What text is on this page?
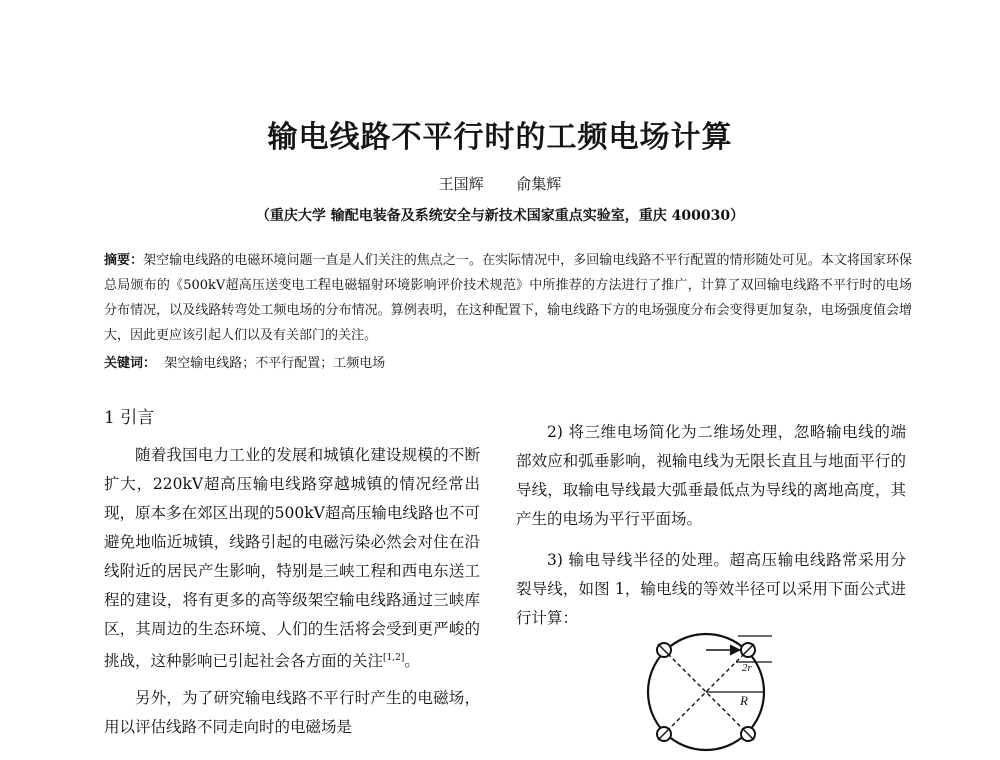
输电线路不平行时的工频电场计算
王国辉 俞集辉
（重庆大学 输配电装备及系统安全与新技术国家重点实验室，重庆 400030）
摘要：架空输电线路的电磁环境问题一直是人们关注的焦点之一。在实际情况中，多回输电线路不平行配置的情形随处可见。本文将国家环保总局颁布的《500kV超高压送变电工程电磁辐射环境影响评价技术规范》中所推荐的方法进行了推广，计算了双回输电线路不平行时的电场分布情况，以及线路转弯处工频电场的分布情况。算例表明，在这种配置下，输电线路下方的电场强度分布会变得更加复杂，电场强度值会增大，因此更应该引起人们以及有关部门的关注。
关键词： 架空输电线路；不平行配置；工频电场
1 引言

随着我国电力工业的发展和城镇化建设规模的不断扩大，220kV超高压输电线路穿越城镇的情况经常出现，原本多在郊区出现的500kV超高压输电线路也不可避免地临近城镇，线路引起的电磁污染必然会对住在沿线附近的居民产生影响，特别是三峡工程和西电东送工程的建设，将有更多的高等级架空输电线路通过三峡库区，其周边的生态环境、人们的生活将会受到更严峻的挑战，这种影响已引起社会各方面的关注[1,2]。

另外，为了研究输电线路不平行时产生的电磁场，用以评估线路不同走向时的电磁场是

2) 将三维电场简化为二维场处理，忽略输电线的端部效应和弧垂影响，视输电线为无限长直且与地面平行的导线，取输电导线最大弧垂最低点为导线的离地高度，其产生的电场为平行平面场。

3) 输电导线半径的处理。超高压输电线路常采用分裂导线，如图 1，输电线的等效半径可以采用下面公式进行计算：

2r
R
